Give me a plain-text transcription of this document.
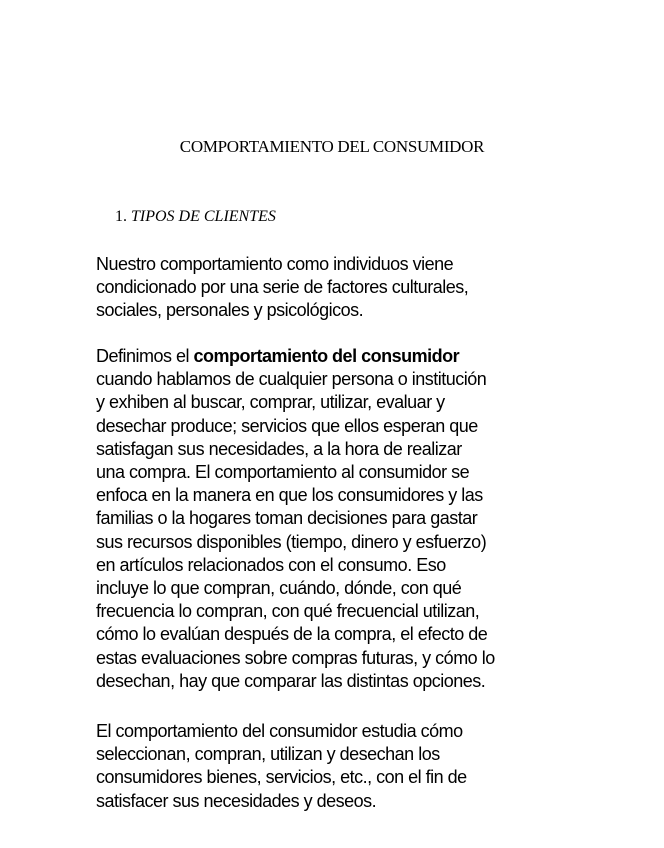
COMPORTAMIENTO DEL CONSUMIDOR
1. TIPOS DE CLIENTES
Nuestro comportamiento como individuos viene
condicionado por una serie de factores culturales,
sociales, personales y psicológicos.
Definimos el comportamiento del consumidor
cuando hablamos de cualquier persona o institución
y exhiben al buscar, comprar, utilizar, evaluar y
desechar produce; servicios que ellos esperan que
satisfagan sus necesidades, a la hora de realizar
una compra. El comportamiento al consumidor se
enfoca en la manera en que los consumidores y las
familias o la hogares toman decisiones para gastar
sus recursos disponibles (tiempo, dinero y esfuerzo)
en artículos relacionados con el consumo. Eso
incluye lo que compran, cuándo, dónde, con qué
frecuencia lo compran, con qué frecuencial utilizan,
cómo lo evalúan después de la compra, el efecto de
estas evaluaciones sobre compras futuras, y cómo lo
desechan, hay que comparar las distintas opciones.
El comportamiento del consumidor estudia cómo
seleccionan, compran, utilizan y desechan los
consumidores bienes, servicios, etc., con el fin de
satisfacer sus necesidades y deseos.
